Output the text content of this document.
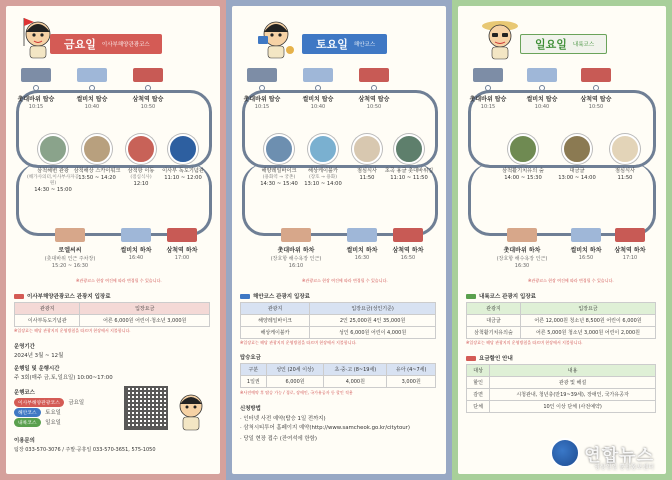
금요일 이사부해양관광코스
촛대바위 탑승
10:15
썰비치 탑승
10:40
삼척역 탑승
10:50
삼척해변 관광
(해가사의터,이사부사자공원)
14:30 ~ 15:00
삼척해상 스카이워크
13:50 ~ 14:20
삼척항 이동
(점심식사)
12:10
이사부 독도기념관
11:10 ~ 12:00
로엘씨씨
(촛대바위 인근 주차장)
15:20 ~ 16:30
썰비치 하차
16:40
삼척역 하차
17:00
※관광코스 현장 여건에 따라 변경될 수 있습니다.
이사부해양관광코스 관광지 입장료
관광지	입장요금
이사부독도기념관	어른 6,000원 어린이·청소년 3,000원
※입장료는 해당 관광지의 운영방침을 따르며 현장에서 지불합니다.
운영기간
2024년 3월 ~ 12월
운행일 및 운행시간
주 3회(매주 금,토,일요일) 10:00~17:00
운행코스
이사부해양관광코스 금요일
해안코스 토요일
내륙코스 일요일
이용문의
팀장 033-570-3076 / 주말·공휴일 033-570-3651, 575-1050
토요일 해안코스
촛대바위 탑승
10:15
썰비치 탑승
10:40
삼척역 탑승
10:50
해양레일바이크
(용화역 → 궁촌)
14:30 ~ 15:40
해상케이블카
(장호 → 용화)
13:10 ~ 14:00
점심식사
11:50
초곡 용굴 촛대바위길
11:10 ~ 11:50
촛대바위 하차
(장호항 해수욕장 인근)
16:10
썰비치 하차
16:30
삼척역 하차
16:50
※관광코스 현장 여건에 따라 변경될 수 있습니다.
해안코스 관광지 입장료
관광지	입장요금(성인기준)
해양레일바이크	2인 25,000원 4인 35,000원
해상케이블카	성인 6,000원 어린이 4,000원
※입장료는 해당 관광지의 운영방침을 따르며 현장에서 지불합니다.
탑승요금
구분	성인 (20세 이상)	초·중·고 (8~19세)	유아 (4~7세)
1일권	6,000원	4,000원	3,000원
※사전예약 후 탑승 가능 / 경로, 장애인, 국가유공자 등 할인 적용
신청방법
· 인터넷 사전 예약(탑승 1일 전까지)
· 삼척시티투어 홈페이지 예약(http://www.samcheok.go.kr/citytour)
· 당일 현장 접수 (잔여석에 한함)
일요일 내륙코스
촛대바위 탑승
10:15
썰비치 탑승
10:40
삼척역 탑승
10:50
삼척활기치유의 숲
14:00 ~ 15:30
대금굴
13:00 ~ 14:00
점심식사
11:50
촛대바위 하차
(장호항 해수욕장 인근)
16:30
썰비치 하차
16:50
삼척역 하차
17:10
※관광코스 현장 여건에 따라 변경될 수 있습니다.
내륙코스 관광지 입장료
관광지	입장요금
대금굴	어른 12,000원 청소년 8,500원 어린이 6,000원
삼척활기치유의숲	어른 5,000원 청소년 3,000원 어린이 2,000원
※입장료는 해당 관광지의 운영방침을 따르며 현장에서 지불합니다.
요금할인 안내
대상	내용
할인	관광 및 해설
감면	시청관내, 청년층(만19~39세), 장애인, 국가유공자
단체	10인 이상 단체 (사전예약)
연합뉴스
영상일일 통합홍보센터
